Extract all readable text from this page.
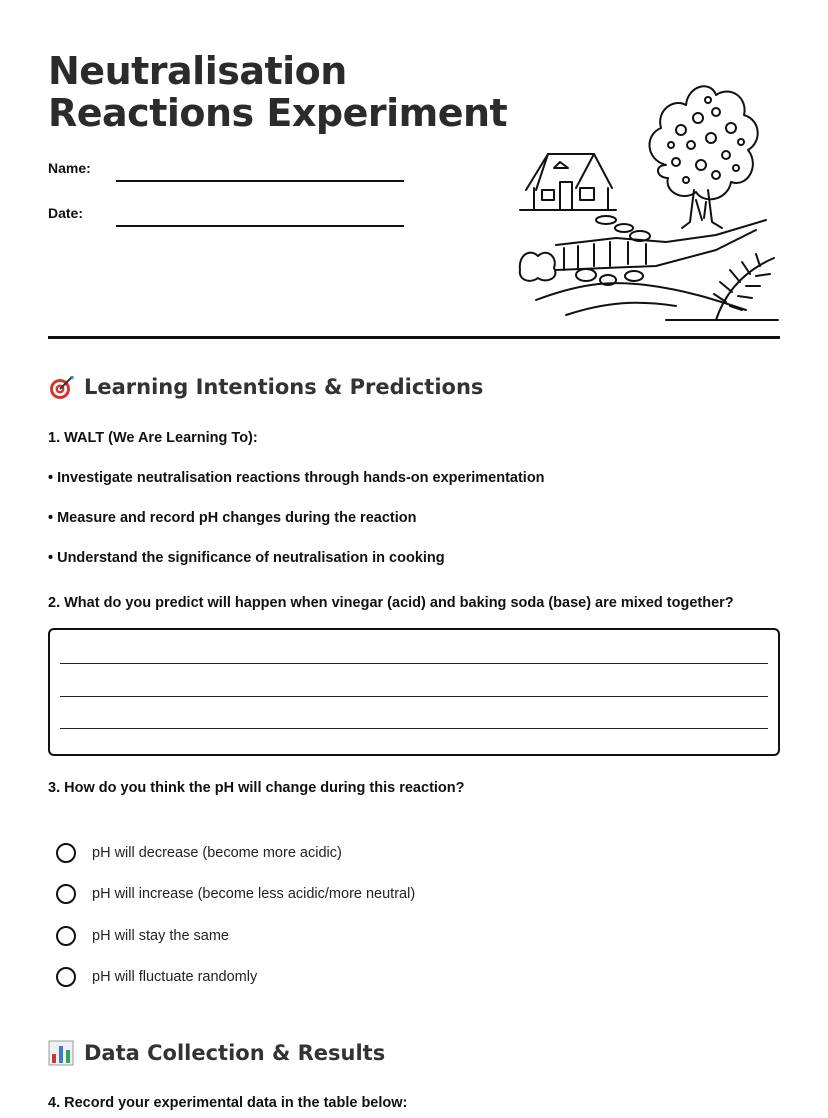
Neutralisation Reactions Experiment
Name:
Date:
Learning Intentions & Predictions
1. WALT (We Are Learning To):
• Investigate neutralisation reactions through hands-on experimentation
• Measure and record pH changes during the reaction
• Understand the significance of neutralisation in cooking
2. What do you predict will happen when vinegar (acid) and baking soda (base) are mixed together?
3. How do you think the pH will change during this reaction?
pH will decrease (become more acidic)
pH will increase (become less acidic/more neutral)
pH will stay the same
pH will fluctuate randomly
Data Collection & Results
4. Record your experimental data in the table below:
